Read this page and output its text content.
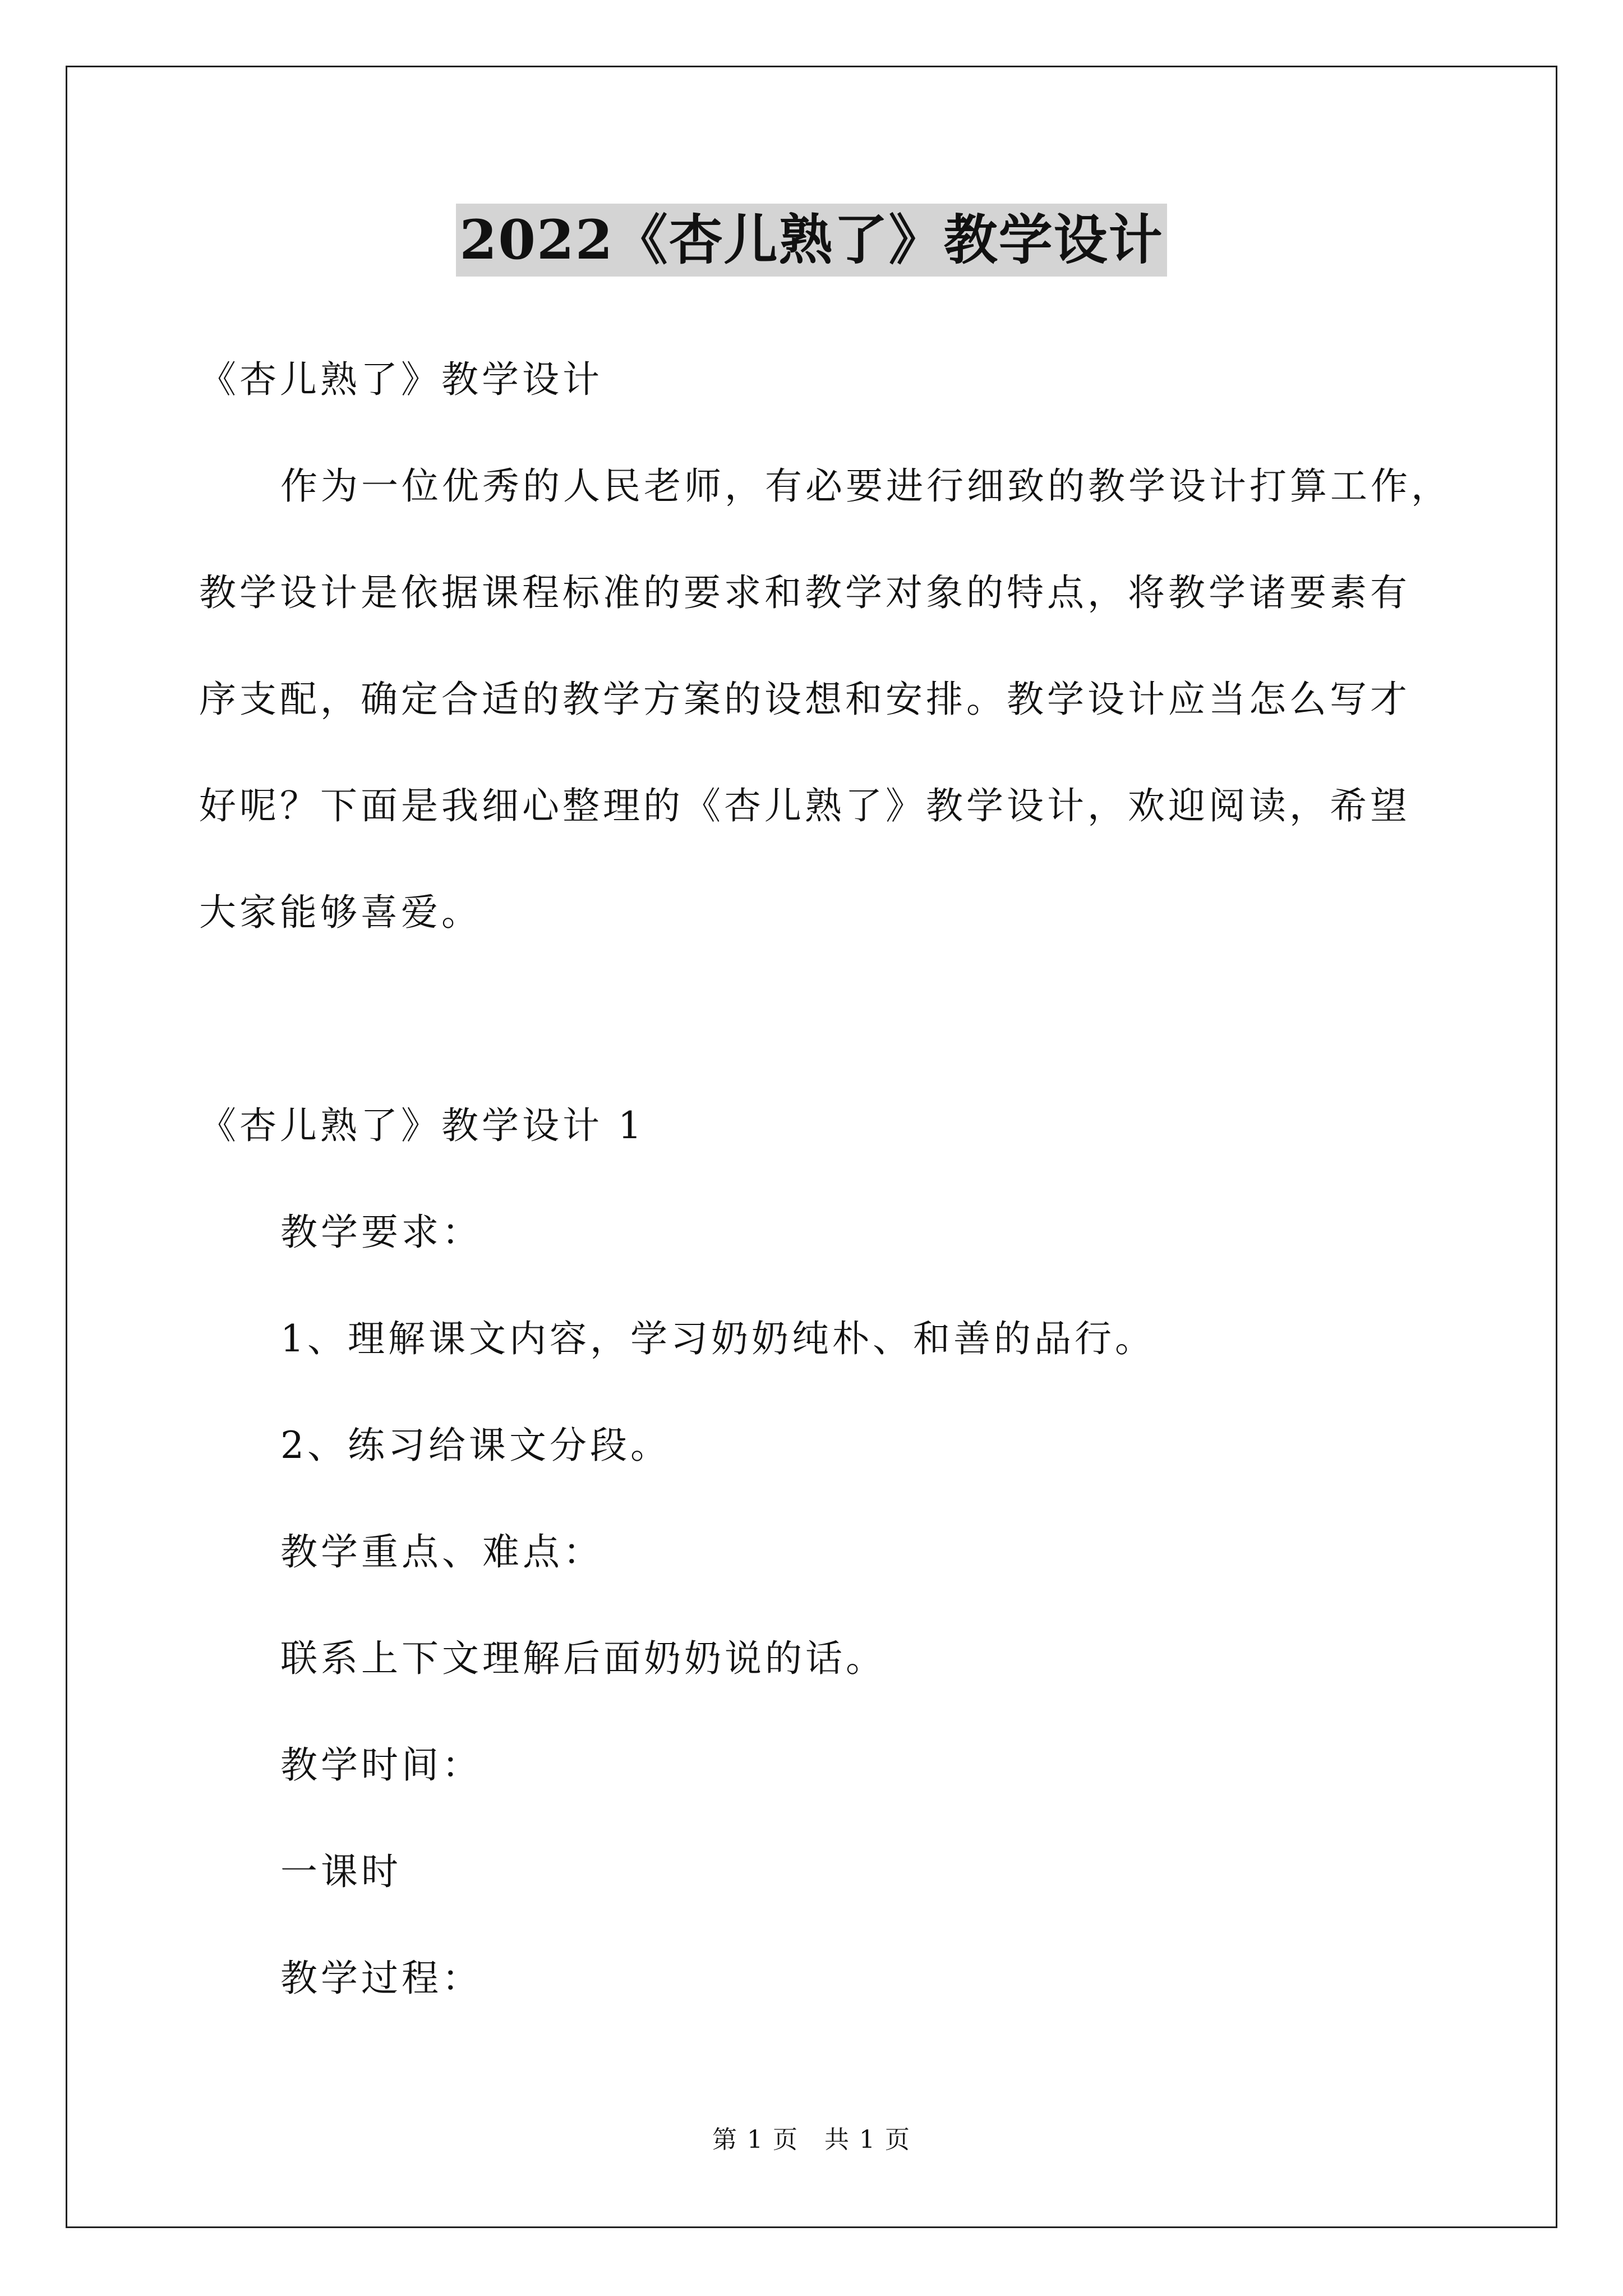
2022《杏儿熟了》教学设计
《杏儿熟了》教学设计
作为一位优秀的人民老师，有必要进行细致的教学设计打算工作，
教学设计是依据课程标准的要求和教学对象的特点，将教学诸要素有
序支配，确定合适的教学方案的设想和安排。教学设计应当怎么写才
好呢？下面是我细心整理的《杏儿熟了》教学设计，欢迎阅读，希望
大家能够喜爱。
《杏儿熟了》教学设计 1
教学要求：
1、理解课文内容，学习奶奶纯朴、和善的品行。
2、练习给课文分段。
教学重点、难点：
联系上下文理解后面奶奶说的话。
教学时间：
一课时
教学过程：
第 1 页　共 1 页
